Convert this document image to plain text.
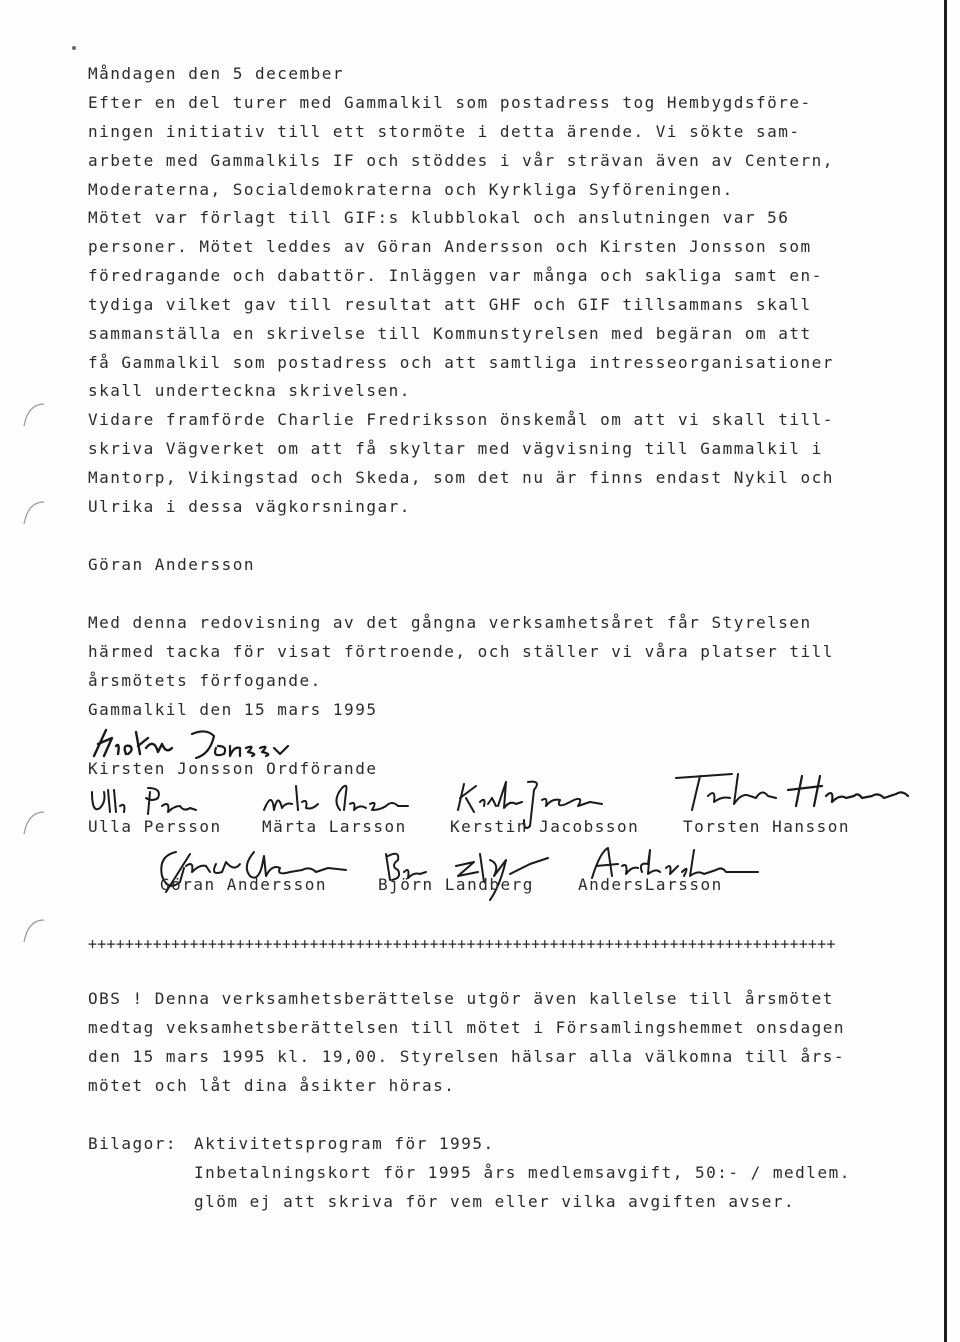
Måndagen den 5 december

Efter en del turer med Gammalkil som postadress tog Hembygdsföre-

ningen initiativ till ett stormöte i detta ärende. Vi sökte sam-

arbete med Gammalkils IF och stöddes i vår strävan även av Centern,

Moderaterna, Socialdemokraterna och Kyrkliga Syföreningen.

Mötet var förlagt till GIF:s klubblokal och anslutningen var 56

personer. Mötet leddes av Göran Andersson och Kirsten Jonsson som

föredragande och dabattör. Inläggen var många och sakliga samt en-

tydiga vilket gav till resultat att GHF och GIF tillsammans skall

sammanställa en skrivelse till Kommunstyrelsen med begäran om att

få Gammalkil som postadress och att samtliga intresseorganisationer

skall underteckna skrivelsen.

Vidare framförde Charlie Fredriksson önskemål om att vi skall till-

skriva Vägverket om att få skyltar med vägvisning till Gammalkil i

Mantorp, Vikingstad och Skeda, som det nu är finns endast Nykil och

Ulrika i dessa vägkorsningar.

Göran Andersson

Med denna redovisning av det gångna verksamhetsåret får Styrelsen

härmed tacka för visat förtroende, och ställer vi våra platser till

årsmötets förfogande.

Gammalkil den 15 mars 1995

Kirsten Jonsson Ordförande

Ulla Persson	Märta Larsson	Kerstin Jacobsson	Torsten Hansson

Göran Andersson	Björn Landberg	AndersLarsson

+++++++++++++++++++++++++++++++++++++++++++++++++++++++++++++++++++++++++++++++++

OBS ! Denna verksamhetsberättelse utgör även kallelse till årsmötet

medtag veksamhetsberättelsen till mötet i Församlingshemmet onsdagen

den 15 mars 1995 kl. 19,00. Styrelsen hälsar alla välkomna till års-

mötet och låt dina åsikter höras.

Bilagor: Aktivitetsprogram för 1995.

Inbetalningskort för 1995 års medlemsavgift, 50:- / medlem.

glöm ej att skriva för vem eller vilka avgiften avser.
